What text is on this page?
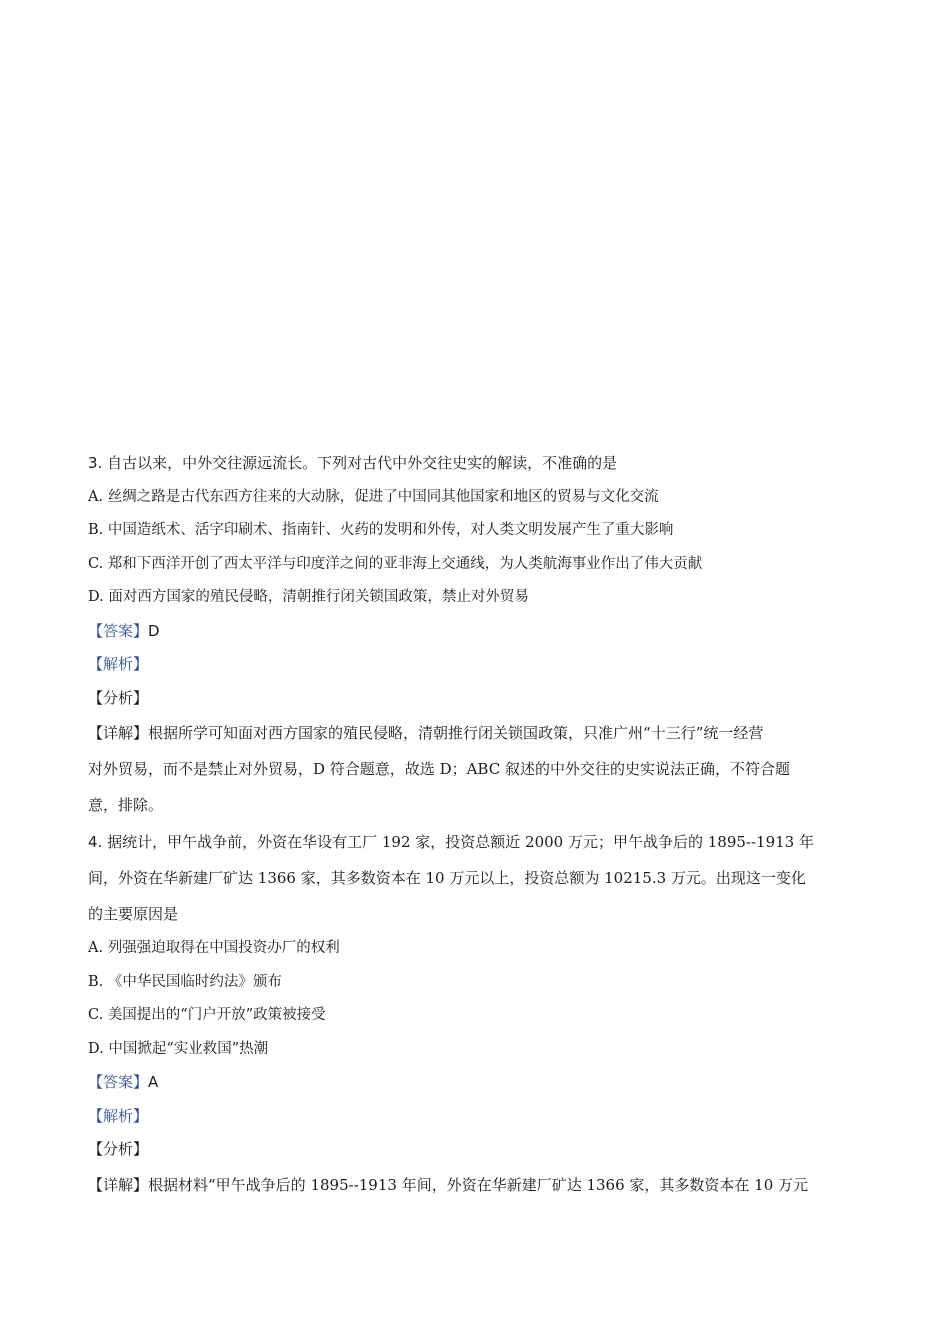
3. 自古以来，中外交往源远流长。下列对古代中外交往史实的解读，不准确的是
A. 丝绸之路是古代东西方往来的大动脉，促进了中国同其他国家和地区的贸易与文化交流
B. 中国造纸术、活字印刷术、指南针、火药的发明和外传，对人类文明发展产生了重大影响
C. 郑和下西洋开创了西太平洋与印度洋之间的亚非海上交通线，为人类航海事业作出了伟大贡献
D. 面对西方国家的殖民侵略，清朝推行闭关锁国政策，禁止对外贸易
【答案】D
【解析】
【分析】
【详解】根据所学可知面对西方国家的殖民侵略，清朝推行闭关锁国政策，只准广州“十三行”统一经营
对外贸易，而不是禁止对外贸易，D 符合题意，故选 D；ABC 叙述的中外交往的史实说法正确，不符合题
意，排除。
4. 据统计，甲午战争前，外资在华设有工厂 192 家，投资总额近 2000 万元；甲午战争后的 1895--1913 年
间，外资在华新建厂矿达 1366 家，其多数资本在 10 万元以上，投资总额为 10215.3 万元。出现这一变化
的主要原因是
A. 列强强迫取得在中国投资办厂的权利
B. 《中华民国临时约法》颁布
C. 美国提出的“门户开放”政策被接受
D. 中国掀起“实业救国”热潮
【答案】A
【解析】
【分析】
【详解】根据材料“甲午战争后的 1895--1913 年间，外资在华新建厂矿达 1366 家，其多数资本在 10 万元
